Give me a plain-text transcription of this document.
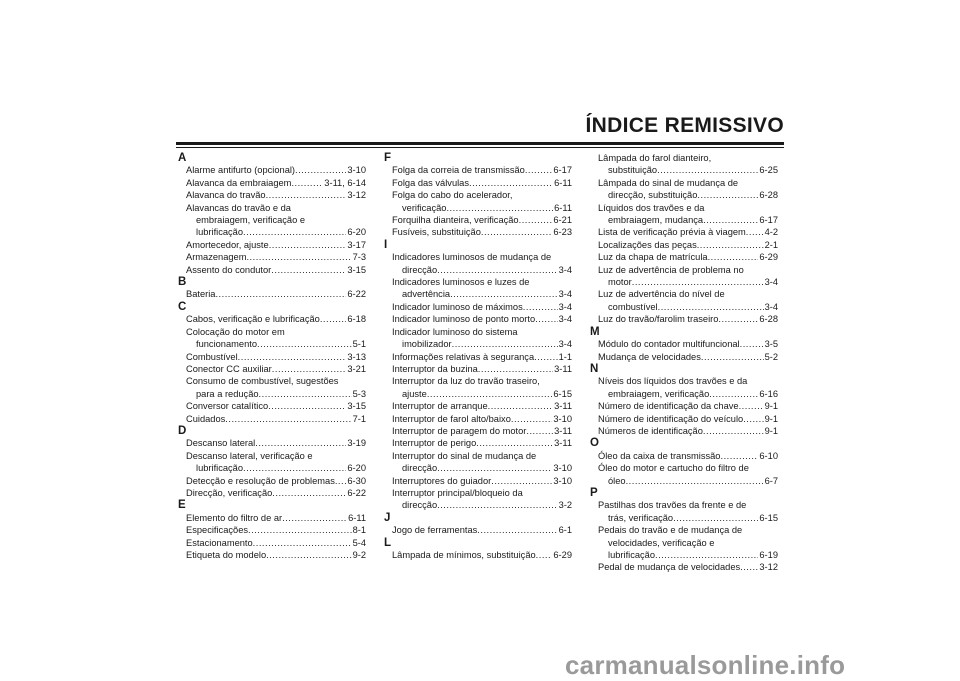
ÍNDICE REMISSIVO
A
Alarme antifurto (opcional) .....	3-10
Alavanca da embraiagem .....	3-11, 6-14
Alavanca do travão .....	3-12
Alavancas do travão e da
embraiagem, verificação e
lubrificação .....	6-20
Amortecedor, ajuste .....	3-17
Armazenagem .....	7-3
Assento do condutor .....	3-15
B
Bateria .....	6-22
C
Cabos, verificação e lubrificação .....	6-18
Colocação do motor em
funcionamento .....	5-1
Combustível .....	3-13
Conector CC auxiliar .....	3-21
Consumo de combustível, sugestões
para a redução .....	5-3
Conversor catalítico .....	3-15
Cuidados .....	7-1
D
Descanso lateral .....	3-19
Descanso lateral, verificação e
lubrificação .....	6-20
Detecção e resolução de problemas ..... 6-30
Direcção, verificação .....	6-22
E
Elemento do filtro de ar .....	6-11
Especificações .....	8-1
Estacionamento .....	5-4
Etiqueta do modelo .....	9-2
F
Folga da correia de transmissão .....	6-17
Folga das válvulas .....	6-11
Folga do cabo do acelerador,
verificação .....	6-11
Forquilha dianteira, verificação .....	6-21
Fusíveis, substituição .....	6-23
I
Indicadores luminosos de mudança de
direcção .....	3-4
Indicadores luminosos e luzes de
advertência .....	3-4
Indicador luminoso de máximos .....	3-4
Indicador luminoso de ponto morto .....	3-4
Indicador luminoso do sistema
imobilizador .....	3-4
Informações relativas à segurança .....	1-1
Interruptor da buzina .....	3-11
Interruptor da luz do travão traseiro,
ajuste .....	6-15
Interruptor de arranque .....	3-11
Interruptor de farol alto/baixo .....	3-10
Interruptor de paragem do motor .....	3-11
Interruptor de perigo .....	3-11
Interruptor do sinal de mudança de
direcção .....	3-10
Interruptores do guiador .....	3-10
Interruptor principal/bloqueio da
direcção .....	3-2
J
Jogo de ferramentas .....	6-1
L
Lâmpada de mínimos, substituição ..... 6-29
Lâmpada do farol dianteiro,
substituição .....	6-25
Lâmpada do sinal de mudança de
direcção, substituição .....	6-28
Líquidos dos travões e da
embraiagem, mudança .....	6-17
Lista de verificação prévia à viagem ..... 4-2
Localizações das peças .....	2-1
Luz da chapa de matrícula .....	6-29
Luz de advertência de problema no
motor .....	3-4
Luz de advertência do nível de
combustível .....	3-4
Luz do travão/farolim traseiro .....	6-28
M
Módulo do contador multifuncional .....	3-5
Mudança de velocidades .....	5-2
N
Níveis dos líquidos dos travões e da
embraiagem, verificação .....	6-16
Número de identificação da chave .....	9-1
Número de identificação do veículo ..... 9-1
Números de identificação .....	9-1
O
Óleo da caixa de transmissão .....	6-10
Óleo do motor e cartucho do filtro de
óleo .....	6-7
P
Pastilhas dos travões da frente e de
trás, verificação .....	6-15
Pedais do travão e de mudança de
velocidades, verificação e
lubrificação .....	6-19
Pedal de mudança de velocidades ..... 3-12
carmanualsonline.info
